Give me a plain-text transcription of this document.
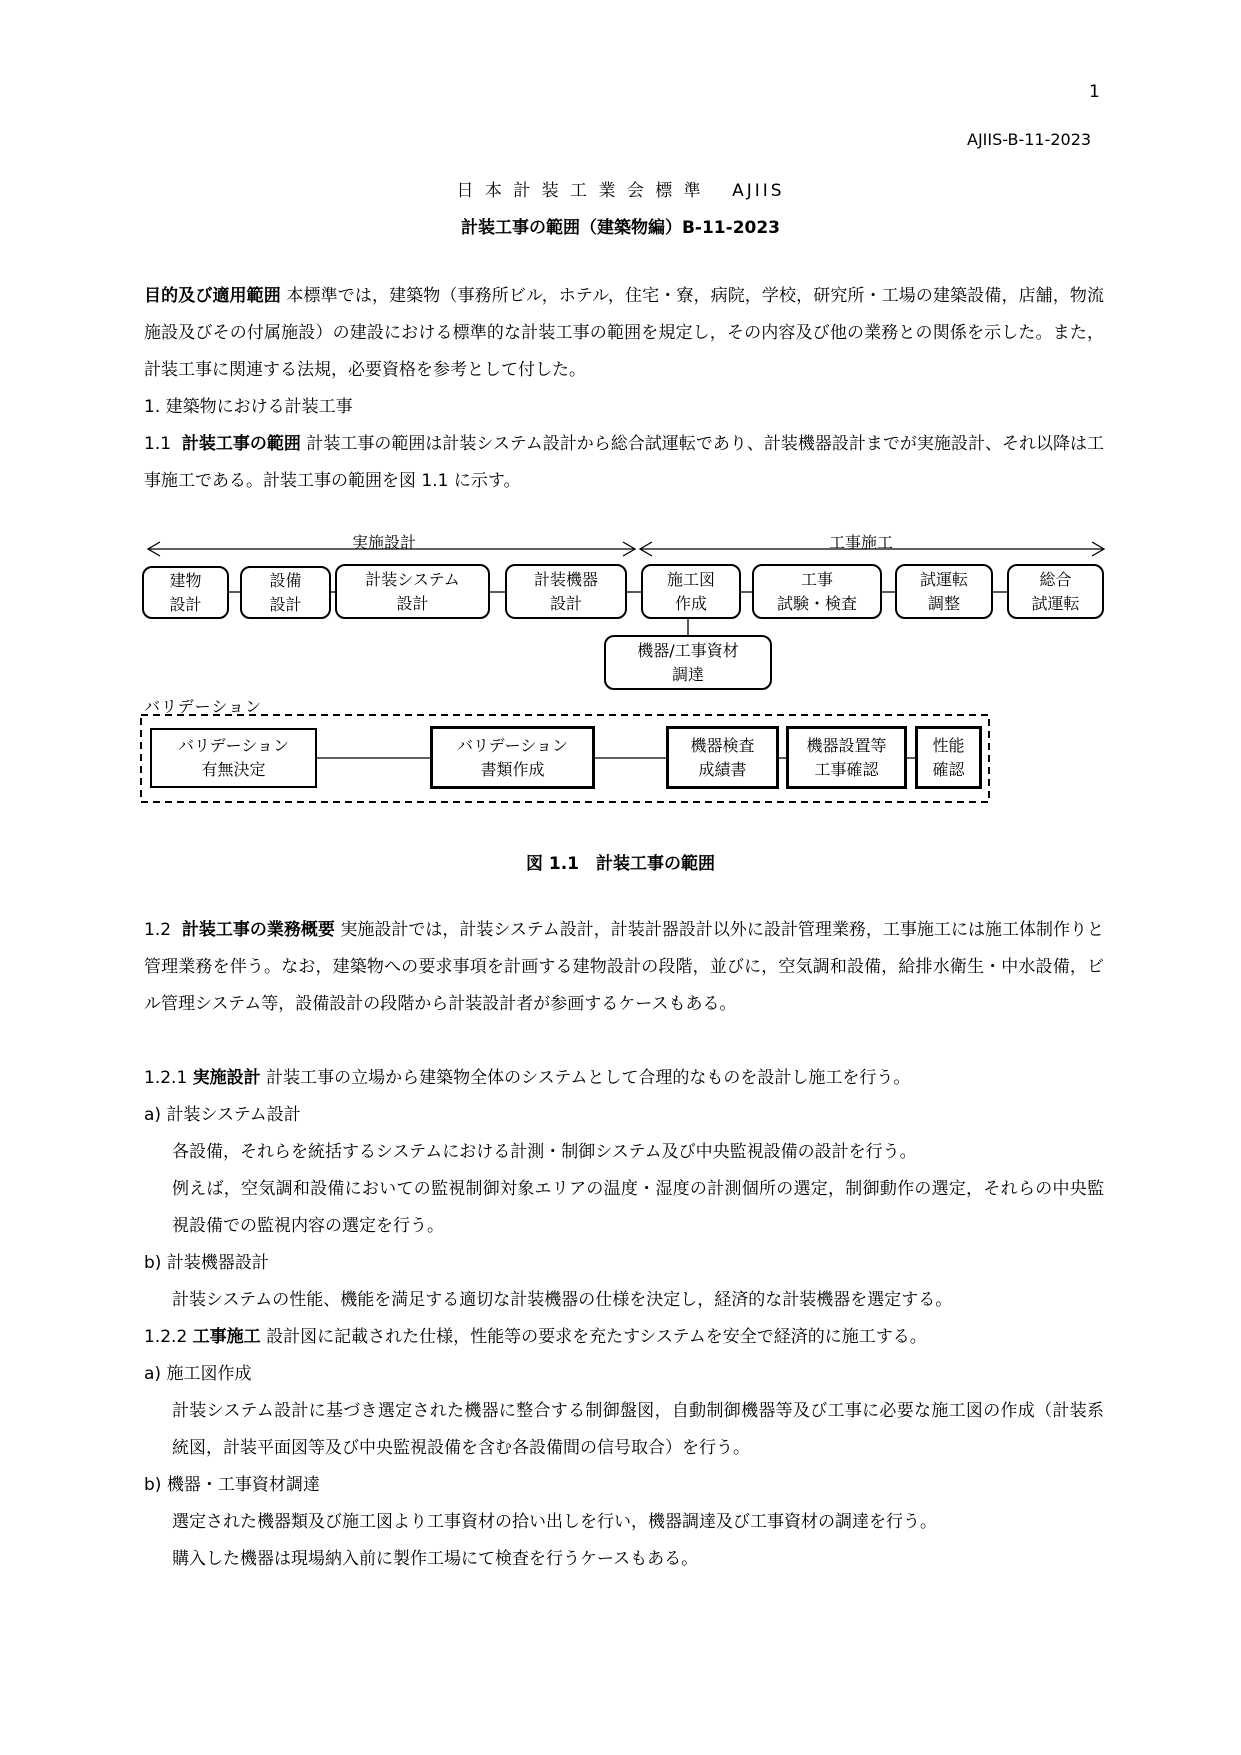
1
AJIIS-B-11-2023
日 本 計 装 工 業 会 標 準　 AJIIS
計装工事の範囲（建築物編）B-11-2023
目的及び適用範囲 本標準では，建築物（事務所ビル，ホテル，住宅・寮，病院，学校，研究所・工場の建築設備，店舗，物流施設及びその付属施設）の建設における標準的な計装工事の範囲を規定し，その内容及び他の業務との関係を示した。また，計装工事に関連する法規，必要資格を参考として付した。
1. 建築物における計装工事
1.1 計装工事の範囲 計装工事の範囲は計装システム設計から総合試運転であり、計装機器設計までが実施設計、それ以降は工事施工である。計装工事の範囲を図 1.1 に示す。
実施設計	工事施工
建物
設計
設備
設計
計装システム
設計
計装機器
設計
施工図
作成
工事
試験・検査
試運転
調整
総合
試運転
機器/工事資材
調達
バリデーション
バリデーション
有無決定
バリデーション
書類作成
機器検査
成績書
機器設置等
工事確認
性能
確認
図 1.1　計装工事の範囲
1.2 計装工事の業務概要 実施設計では，計装システム設計，計装計器設計以外に設計管理業務，工事施工には施工体制作りと管理業務を伴う。なお，建築物への要求事項を計画する建物設計の段階，並びに，空気調和設備，給排水衛生・中水設備，ビル管理システム等，設備設計の段階から計装設計者が参画するケースもある。
1.2.1 実施設計 計装工事の立場から建築物全体のシステムとして合理的なものを設計し施工を行う。
a) 計装システム設計
各設備，それらを統括するシステムにおける計測・制御システム及び中央監視設備の設計を行う。
例えば，空気調和設備においての監視制御対象エリアの温度・湿度の計測個所の選定，制御動作の選定，それらの中央監視設備での監視内容の選定を行う。
b) 計装機器設計
計装システムの性能、機能を満足する適切な計装機器の仕様を決定し，経済的な計装機器を選定する。
1.2.2 工事施工 設計図に記載された仕様，性能等の要求を充たすシステムを安全で経済的に施工する。
a) 施工図作成
計装システム設計に基づき選定された機器に整合する制御盤図，自動制御機器等及び工事に必要な施工図の作成（計装系統図，計装平面図等及び中央監視設備を含む各設備間の信号取合）を行う。
b) 機器・工事資材調達
選定された機器類及び施工図より工事資材の拾い出しを行い，機器調達及び工事資材の調達を行う。
購入した機器は現場納入前に製作工場にて検査を行うケースもある。
